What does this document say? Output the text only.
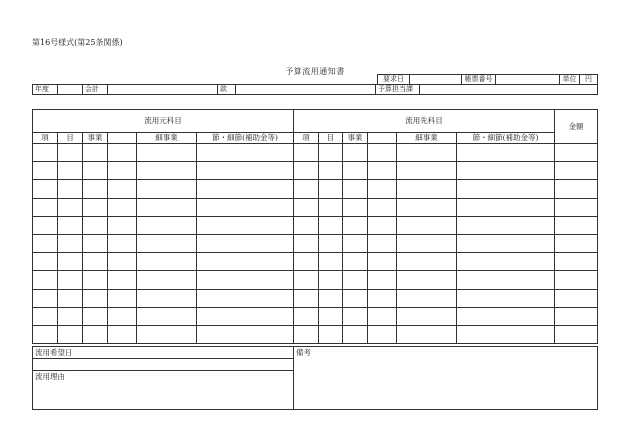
第16号様式(第25条関係)
予算流用通知書
要求日		帳票番号		単位	円
年度		会計		款		予算担当課	
流用元科目						流用先科目						金額
項	目	事業		細事業	節・細節(補助金等)	項	目	事業		細事業	節・細節(補助金等)	

流用希望日	備考

流用理由
